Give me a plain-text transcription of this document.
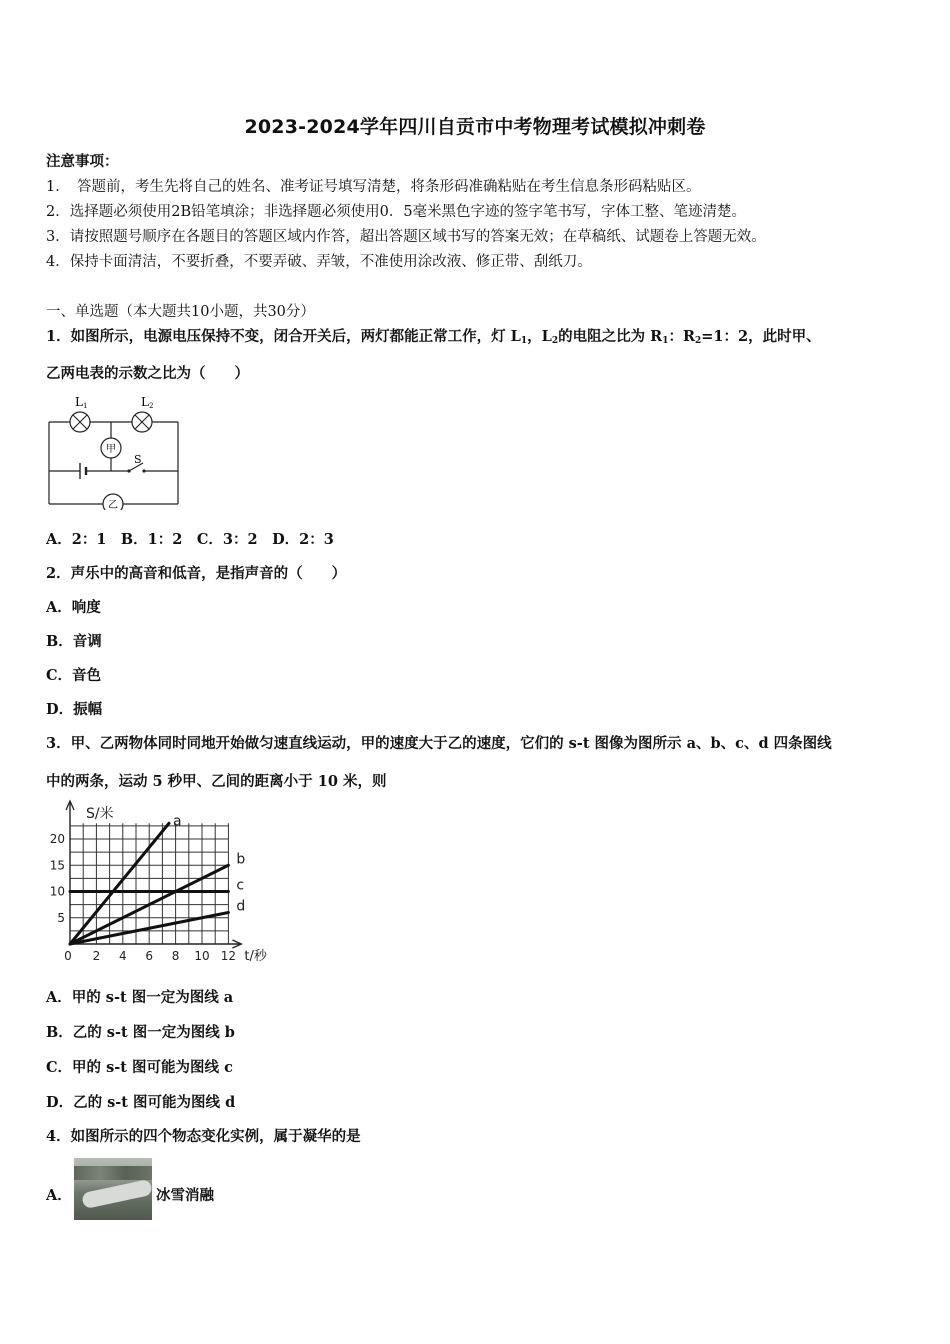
2023-2024学年四川自贡市中考物理考试模拟冲刺卷
注意事项：
1．　答题前，考生先将自己的姓名、准考证号填写清楚，将条形码准确粘贴在考生信息条形码粘贴区。
2．选择题必须使用2B铅笔填涂；非选择题必须使用0．5毫米黑色字迹的签字笔书写，字体工整、笔迹清楚。
3．请按照题号顺序在各题目的答题区域内作答，超出答题区域书写的答案无效；在草稿纸、试题卷上答题无效。
4．保持卡面清洁，不要折叠，不要弄破、弄皱，不准使用涂改液、修正带、刮纸刀。
一、单选题（本大题共10小题，共30分）
1．如图所示，电源电压保持不变，闭合开关后，两灯都能正常工作，灯 $L_1$，$L_2$的电阻之比为 $R_1$：$R_2=1$：2，此时甲、
乙两电表的示数之比为（　　）
L1	L2
甲
S
乙
A．2：1　B．1：2　C．3：2　D．2：3
2．声乐中的高音和低音，是指声音的（　　）
A．响度
B．音调
C．音色
D．振幅
3．甲、乙两物体同时同地开始做匀速直线运动，甲的速度大于乙的速度，它们的 s-t 图像为图所示 a、b、c、d 四条图线
中的两条，运动 5 秒甲、乙间的距离小于 10 米，则
0 2 4 6 8 10 12
5
10
15
20
S/米
t/秒
a
b
c
d
A．甲的 s-t 图一定为图线 a
B．乙的 s-t 图一定为图线 b
C．甲的 s-t 图可能为图线 c
D．乙的 s-t 图可能为图线 d
4．如图所示的四个物态变化实例，属于凝华的是
A．	冰雪消融
